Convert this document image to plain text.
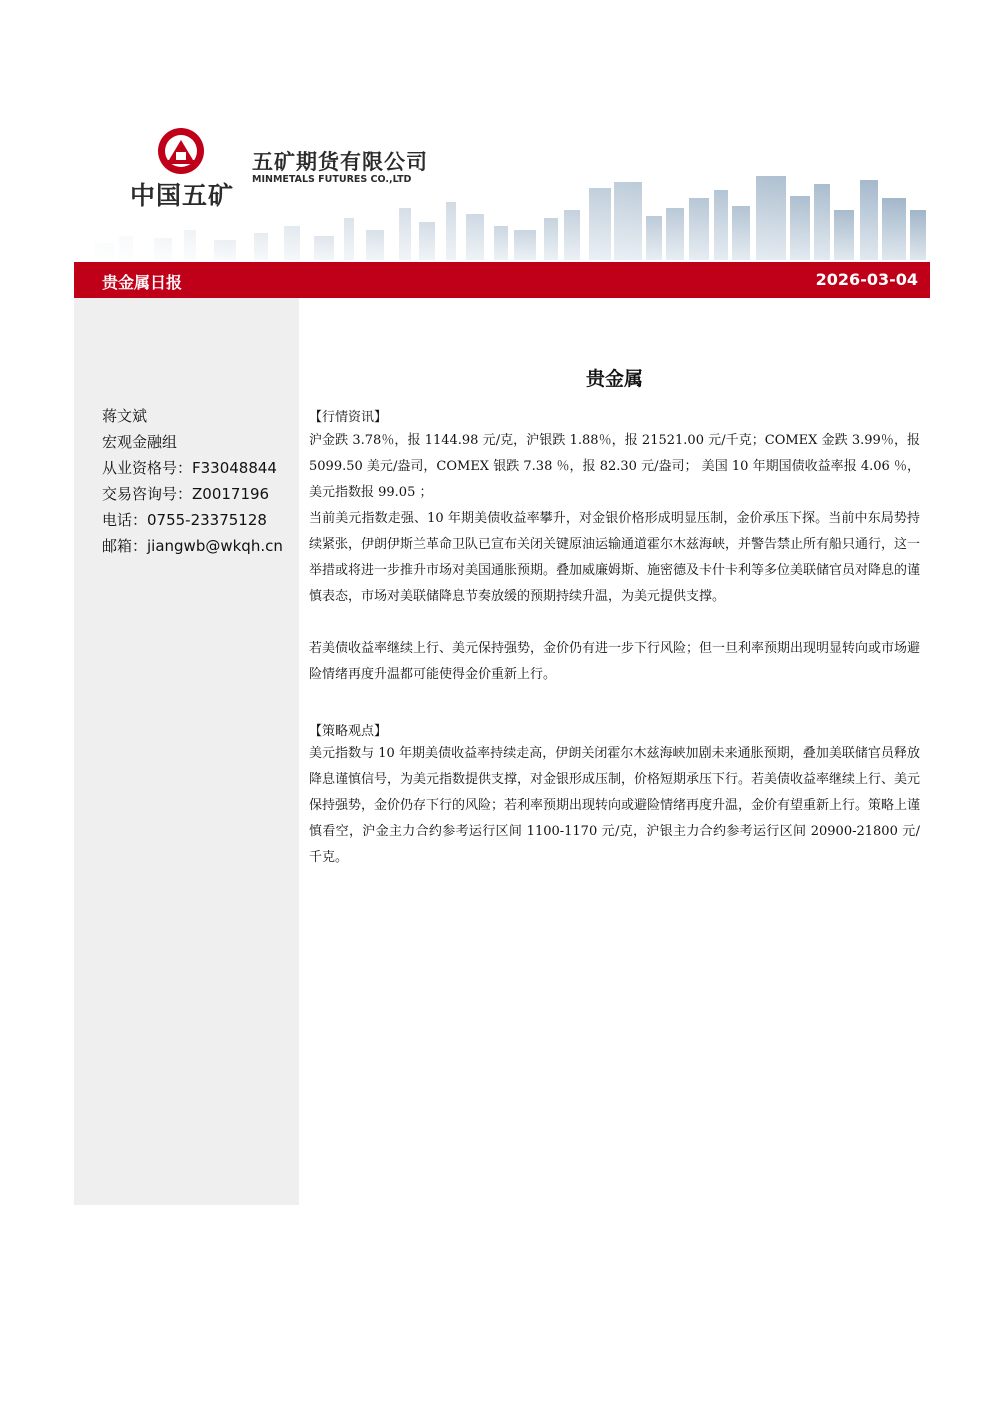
中国五矿
五矿期货有限公司
MINMETALS FUTURES CO.,LTD
贵金属日报	2026-03-04
蒋文斌
宏观金融组
从业资格号：F33048844
交易咨询号：Z0017196
电话：0755-23375128
邮箱：jiangwb@wkqh.cn
贵金属
【行情资讯】
沪金跌 3.78％，报 1144.98 元/克，沪银跌 1.88％，报 21521.00 元/千克；COMEX 金跌 3.99％，报 5099.50 美元/盎司，COMEX 银跌 7.38 ％，报 82.30 元/盎司； 美国 10 年期国债收益率报 4.06 ％，美元指数报 99.05 ；
当前美元指数走强、10 年期美债收益率攀升，对金银价格形成明显压制，金价承压下探。当前中东局势持续紧张，伊朗伊斯兰革命卫队已宣布关闭关键原油运输通道霍尔木兹海峡，并警告禁止所有船只通行，这一举措或将进一步推升市场对美国通胀预期。叠加威廉姆斯、施密德及卡什卡利等多位美联储官员对降息的谨慎表态，市场对美联储降息节奏放缓的预期持续升温，为美元提供支撑。
若美债收益率继续上行、美元保持强势，金价仍有进一步下行风险；但一旦利率预期出现明显转向或市场避险情绪再度升温都可能使得金价重新上行。
【策略观点】
美元指数与 10 年期美债收益率持续走高，伊朗关闭霍尔木兹海峡加剧未来通胀预期，叠加美联储官员释放降息谨慎信号，为美元指数提供支撑，对金银形成压制，价格短期承压下行。若美债收益率继续上行、美元保持强势，金价仍存下行的风险；若利率预期出现转向或避险情绪再度升温，金价有望重新上行。策略上谨慎看空，沪金主力合约参考运行区间 1100-1170 元/克，沪银主力合约参考运行区间 20900-21800 元/千克。
